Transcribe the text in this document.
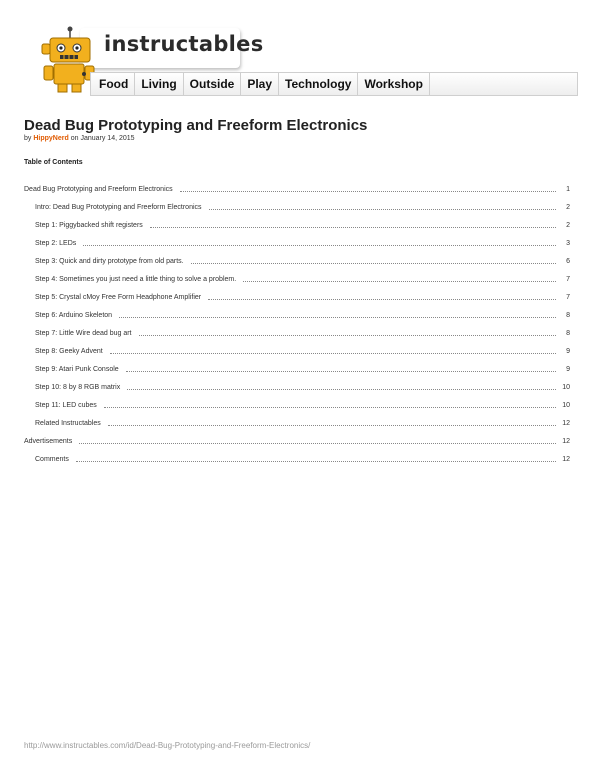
instructables
Food	Living	Outside	Play	Technology	Workshop
Dead Bug Prototyping and Freeform Electronics
by HippyNerd on January 14, 2015
Table of Contents
Dead Bug Prototyping and Freeform Electronics	1
Intro: Dead Bug Prototyping and Freeform Electronics	2
Step 1: Piggybacked shift registers	2
Step 2: LEDs	3
Step 3: Quick and dirty prototype from old parts.	6
Step 4: Sometimes you just need a little thing to solve a problem.	7
Step 5: Crystal cMoy Free Form Headphone Amplifier	7
Step 6: Arduino Skeleton	8
Step 7: Little Wire dead bug art	8
Step 8: Geeky Advent	9
Step 9: Atari Punk Console	9
Step 10: 8 by 8 RGB matrix	10
Step 11: LED cubes	10
Related Instructables	12
Advertisements	12
Comments	12
http://www.instructables.com/id/Dead-Bug-Prototyping-and-Freeform-Electronics/
